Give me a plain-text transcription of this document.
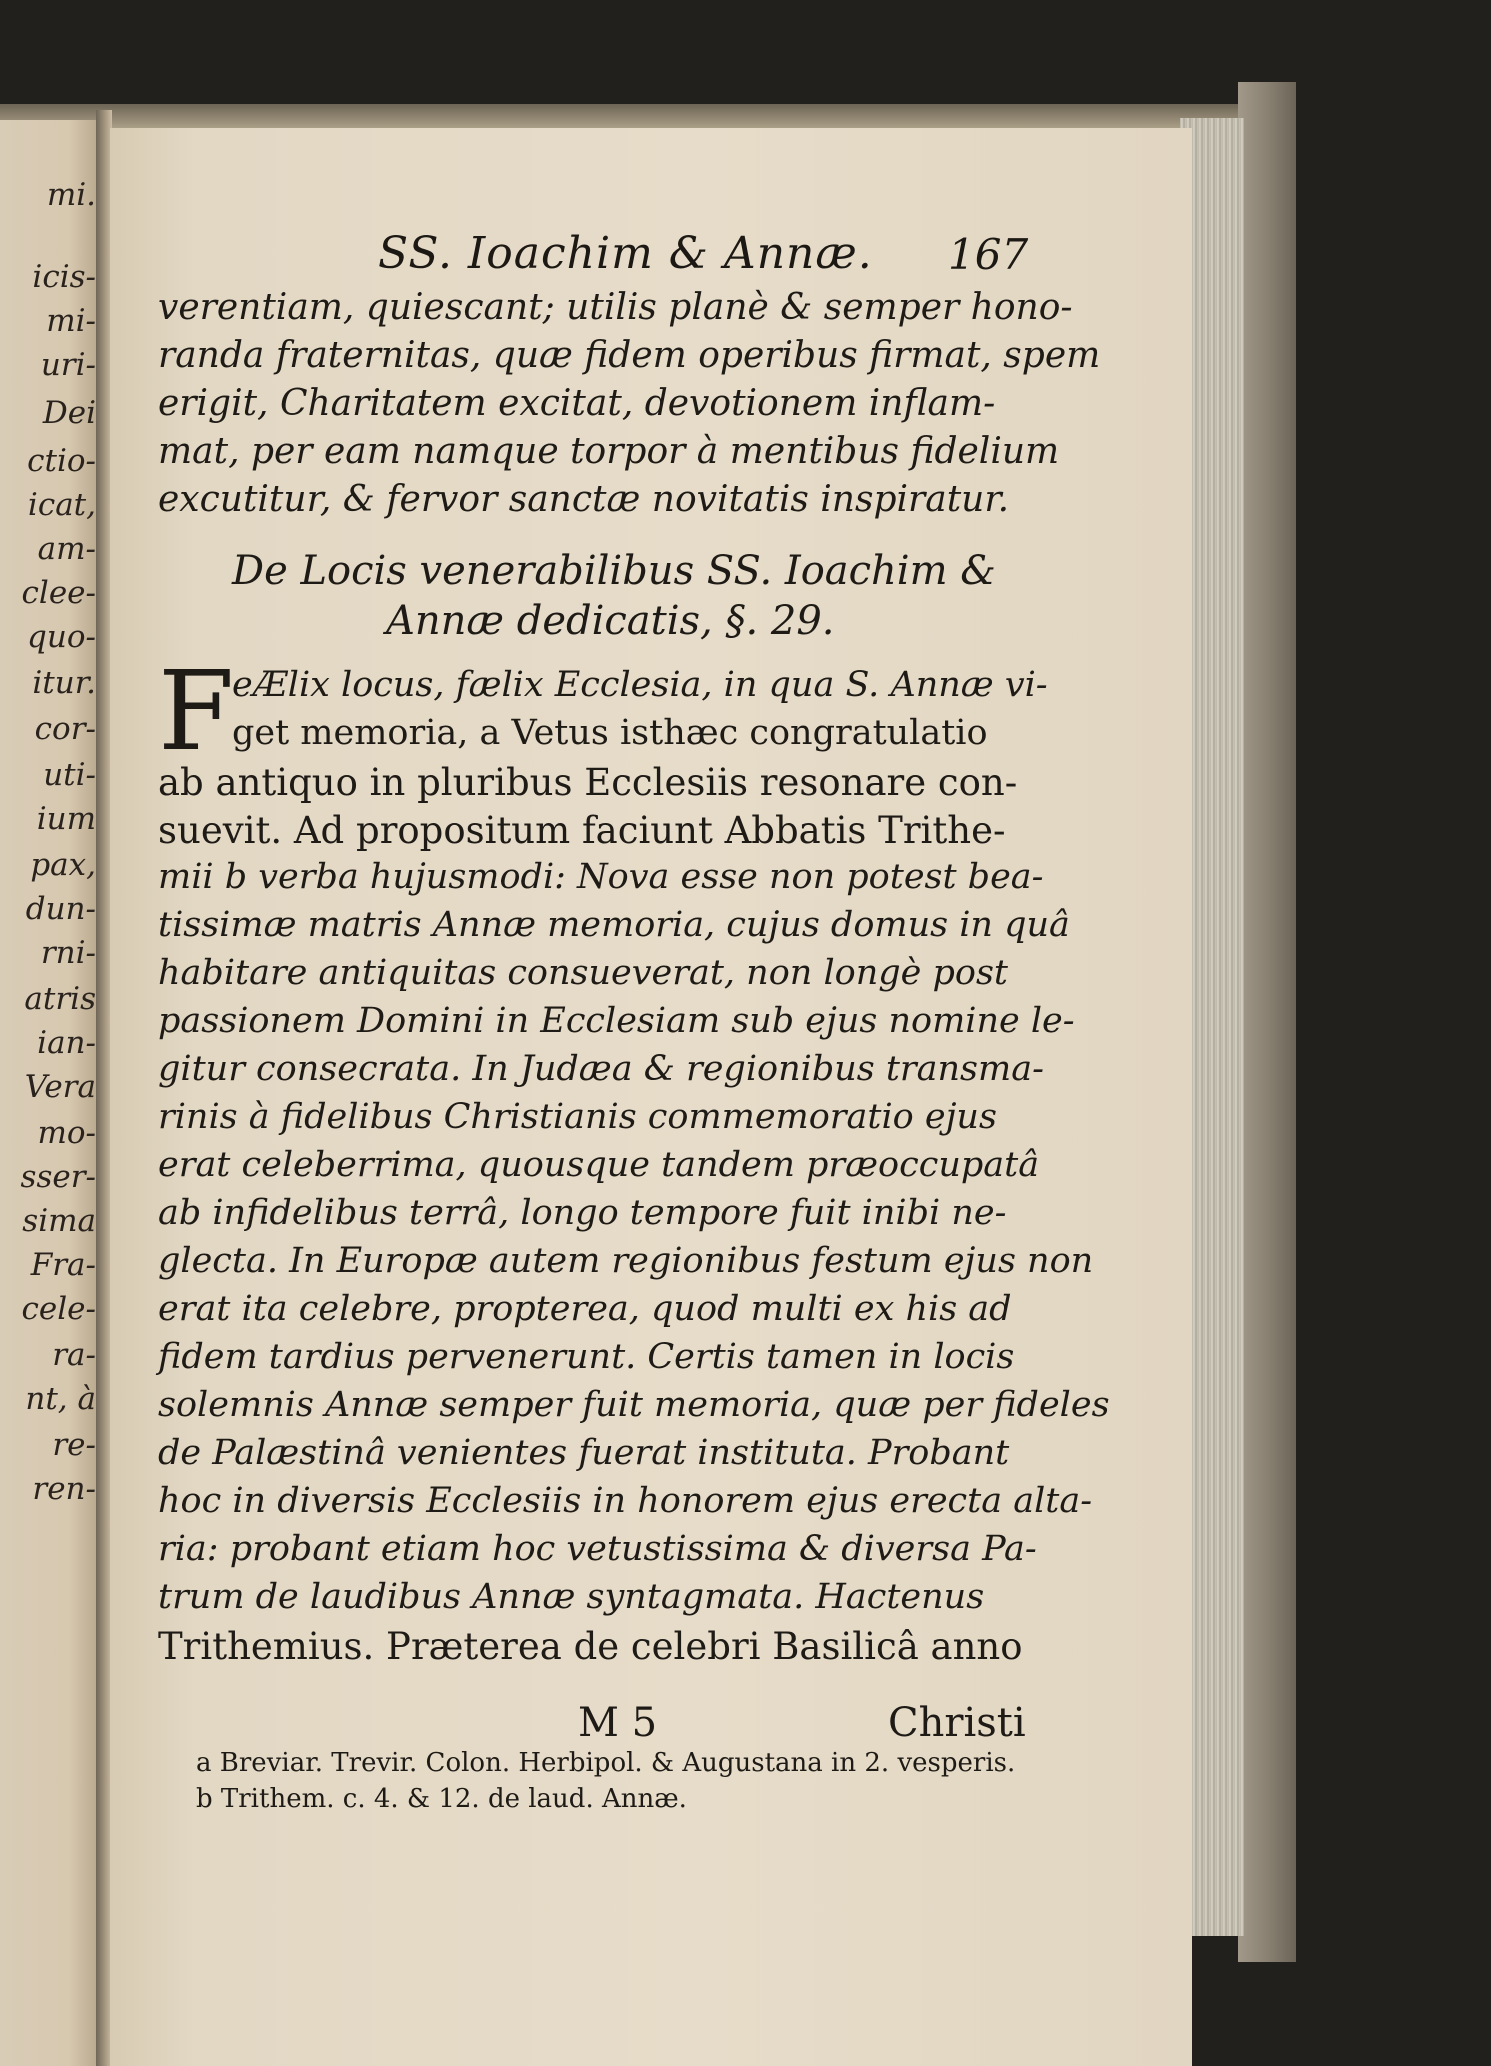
mi.
icis-
mi-
uri-
Dei
ctio-
icat,
am-
clee-
quo-
itur.
cor-
uti-
ium
pax,
dun-
rni-
atris
ian-
Vera
mo-
sser-
sima
Fra-
cele-
ra-
nt, à
re-
ren-
SS. Ioachim & Annæ. 167
verentiam, quiescant; utilis planè & semper hono-
randa fraternitas, quæ fidem operibus firmat, spem
erigit, Charitatem excitat, devotionem inflam-
mat, per eam namque torpor à mentibus fidelium
excutitur, & fervor sanctæ novitatis inspiratur.
De Locis venerabilibus SS. Ioachim &
Annæ dedicatis, §. 29.
F
eÆlix locus, fælix Ecclesia, in qua S. Annæ vi-
get memoria, a Vetus isthæc congratulatio
ab antiquo in pluribus Ecclesiis resonare con-
suevit. Ad propositum faciunt Abbatis Trithe-
mii b verba hujusmodi: Nova esse non potest bea-
tissimæ matris Annæ memoria, cujus domus in quâ
habitare antiquitas consueverat, non longè post
passionem Domini in Ecclesiam sub ejus nomine le-
gitur consecrata. In Judæa & regionibus transma-
rinis à fidelibus Christianis commemoratio ejus
erat celeberrima, quousque tandem præoccupatâ
ab infidelibus terrâ, longo tempore fuit inibi ne-
glecta. In Europæ autem regionibus festum ejus non
erat ita celebre, propterea, quod multi ex his ad
fidem tardius pervenerunt. Certis tamen in locis
solemnis Annæ semper fuit memoria, quæ per fideles
de Palæstinâ venientes fuerat instituta. Probant
hoc in diversis Ecclesiis in honorem ejus erecta alta-
ria: probant etiam hoc vetustissima & diversa Pa-
trum de laudibus Annæ syntagmata. Hactenus
Trithemius. Præterea de celebri Basilicâ anno
M 5	Christi
a Breviar. Trevir. Colon. Herbipol. & Augustana in 2. vesperis.
b Trithem. c. 4. & 12. de laud. Annæ.
